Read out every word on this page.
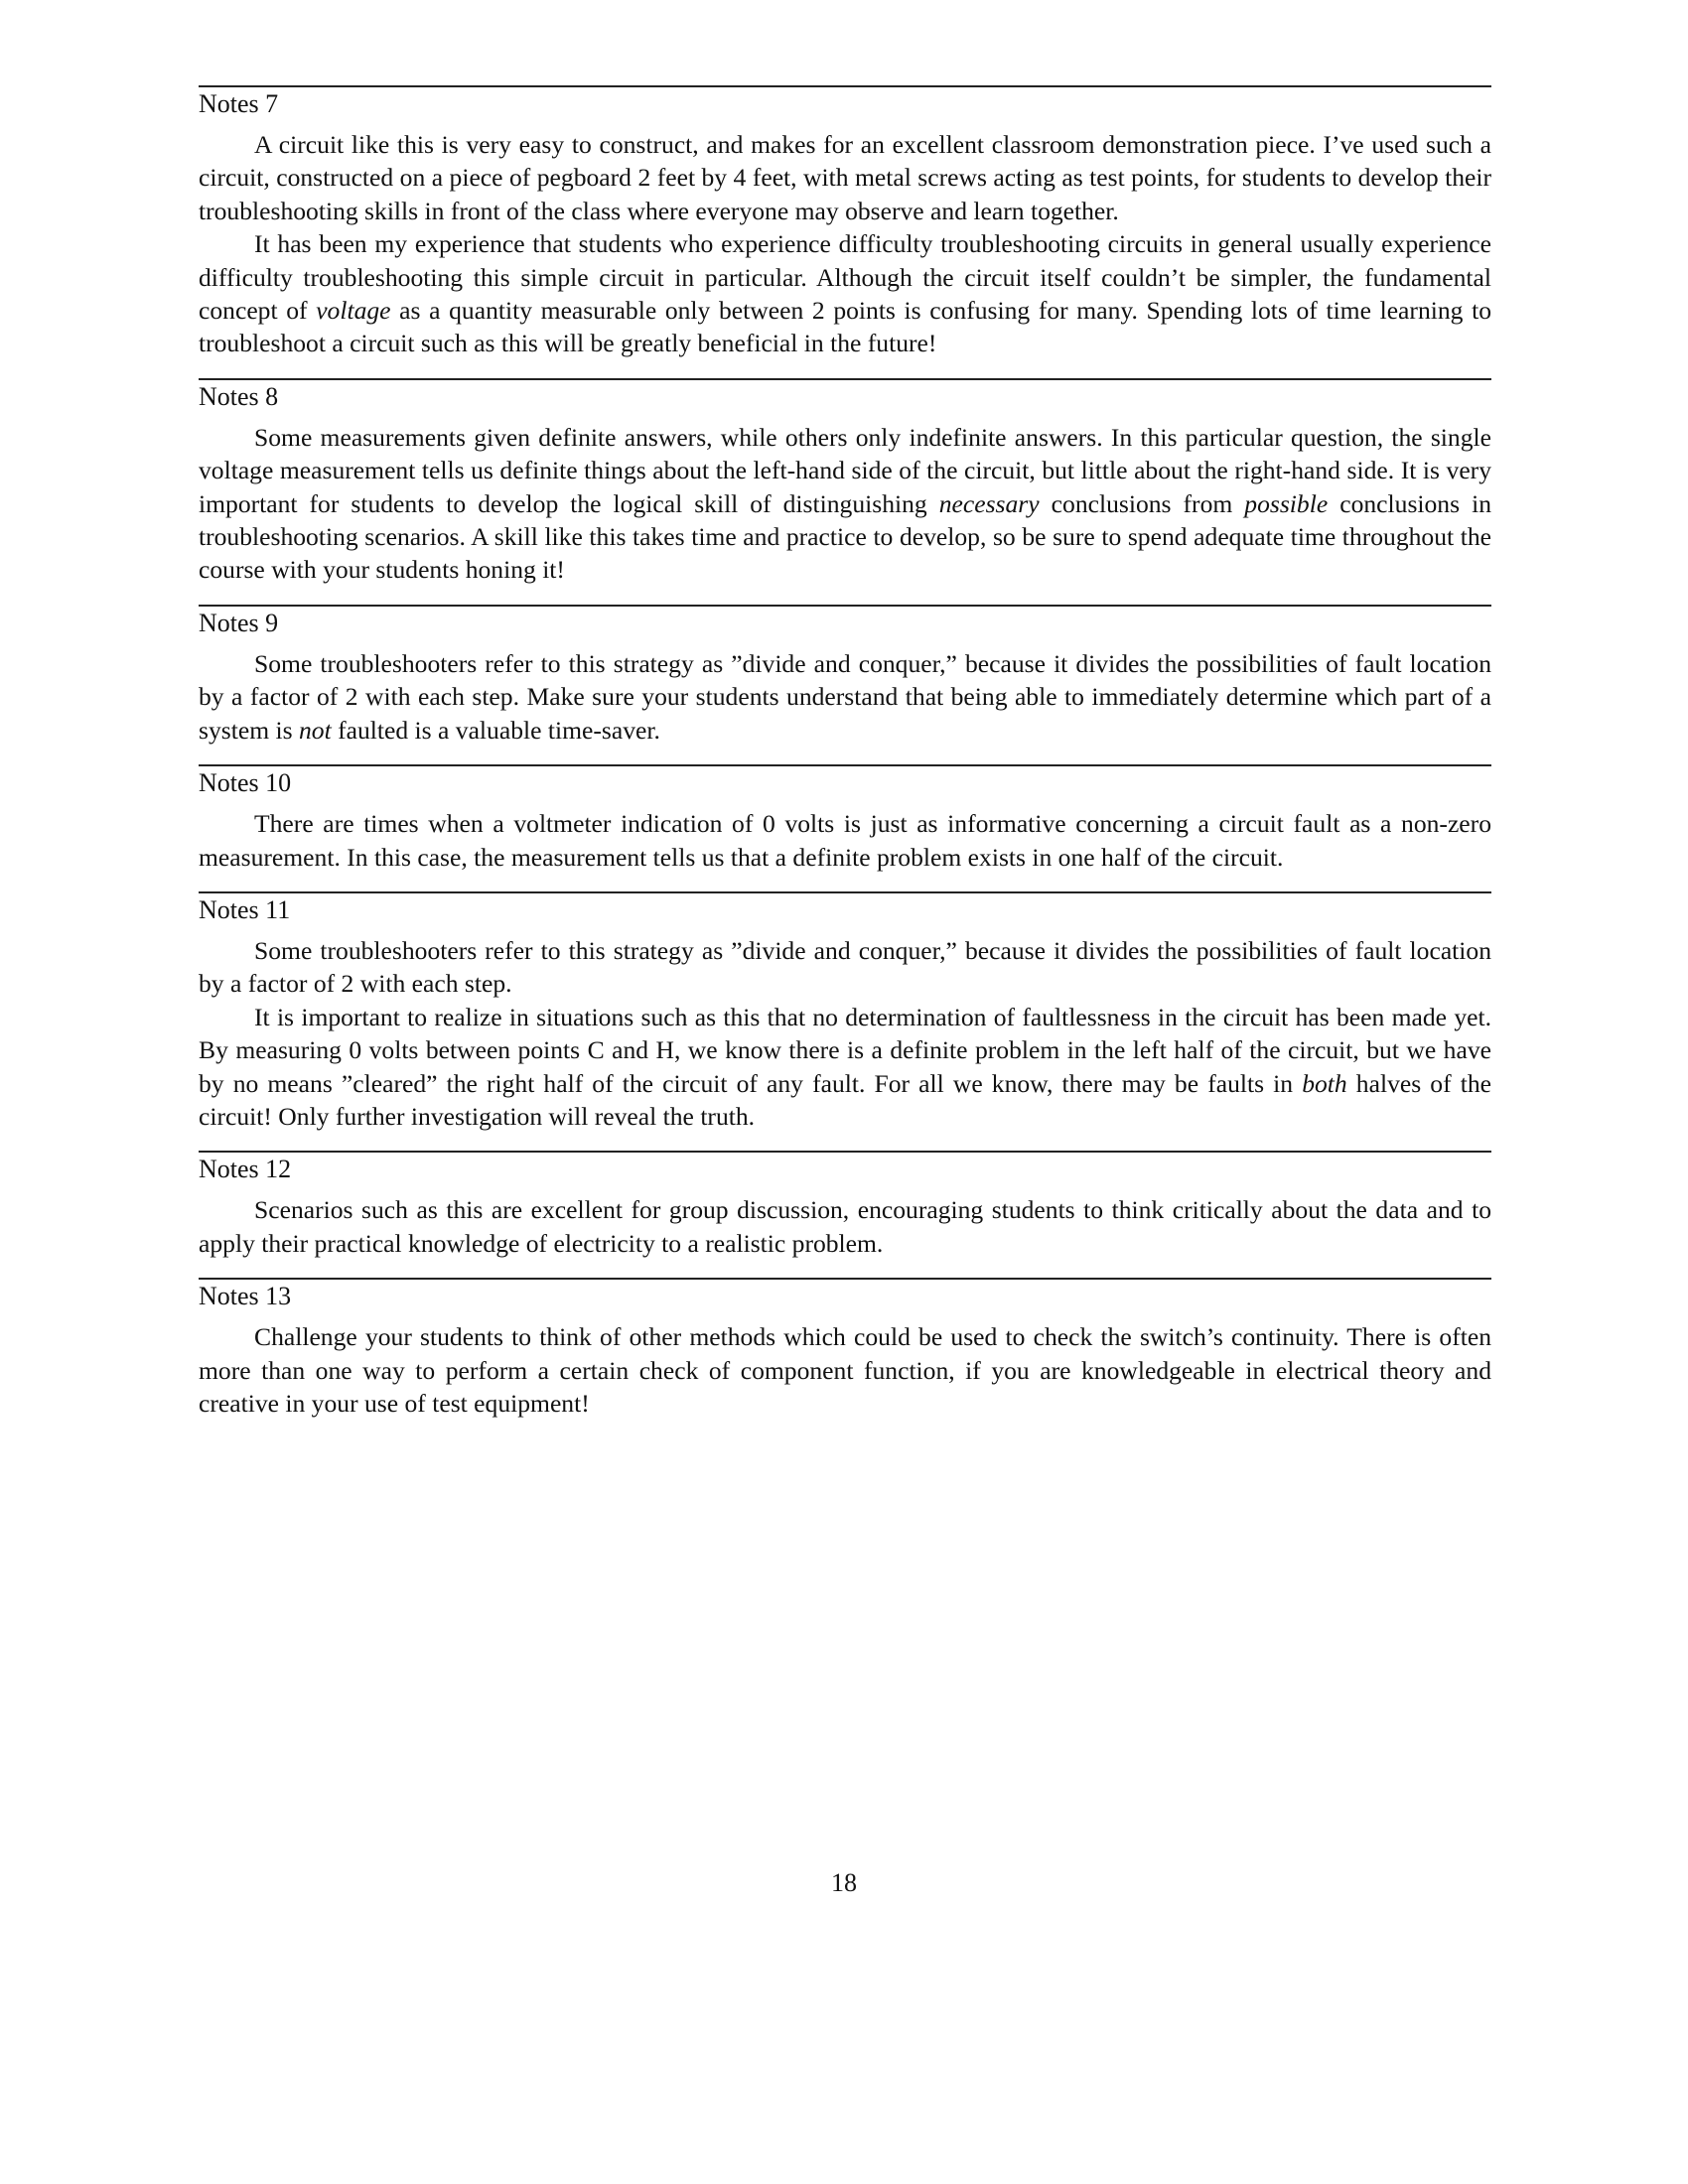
Notes 7

A circuit like this is very easy to construct, and makes for an excellent classroom demonstration piece. I’ve used such a circuit, constructed on a piece of pegboard 2 feet by 4 feet, with metal screws acting as test points, for students to develop their troubleshooting skills in front of the class where everyone may observe and learn together.

It has been my experience that students who experience difficulty troubleshooting circuits in general usually experience difficulty troubleshooting this simple circuit in particular. Although the circuit itself couldn’t be simpler, the fundamental concept of voltage as a quantity measurable only between 2 points is confusing for many. Spending lots of time learning to troubleshoot a circuit such as this will be greatly beneficial in the future!

Notes 8

Some measurements given definite answers, while others only indefinite answers. In this particular question, the single voltage measurement tells us definite things about the left-hand side of the circuit, but little about the right-hand side. It is very important for students to develop the logical skill of distinguishing necessary conclusions from possible conclusions in troubleshooting scenarios. A skill like this takes time and practice to develop, so be sure to spend adequate time throughout the course with your students honing it!

Notes 9

Some troubleshooters refer to this strategy as ”divide and conquer,” because it divides the possibilities of fault location by a factor of 2 with each step. Make sure your students understand that being able to immediately determine which part of a system is not faulted is a valuable time-saver.

Notes 10

There are times when a voltmeter indication of 0 volts is just as informative concerning a circuit fault as a non-zero measurement. In this case, the measurement tells us that a definite problem exists in one half of the circuit.

Notes 11

Some troubleshooters refer to this strategy as ”divide and conquer,” because it divides the possibilities of fault location by a factor of 2 with each step.

It is important to realize in situations such as this that no determination of faultlessness in the circuit has been made yet. By measuring 0 volts between points C and H, we know there is a definite problem in the left half of the circuit, but we have by no means ”cleared” the right half of the circuit of any fault. For all we know, there may be faults in both halves of the circuit! Only further investigation will reveal the truth.

Notes 12

Scenarios such as this are excellent for group discussion, encouraging students to think critically about the data and to apply their practical knowledge of electricity to a realistic problem.

Notes 13

Challenge your students to think of other methods which could be used to check the switch’s continuity. There is often more than one way to perform a certain check of component function, if you are knowledgeable in electrical theory and creative in your use of test equipment!

18
